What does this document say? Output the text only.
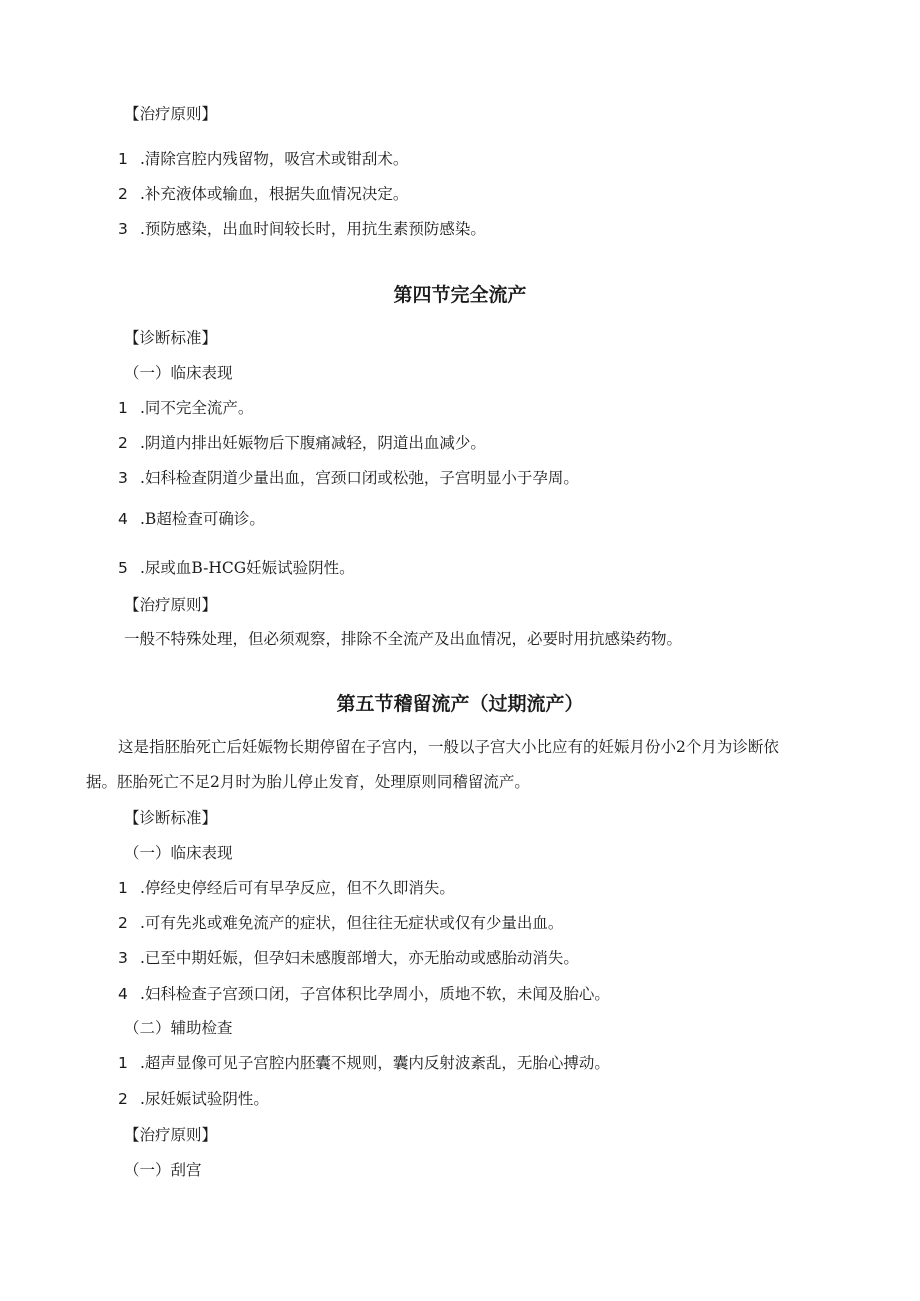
【治疗原则】
1 .清除宫腔内残留物，吸宫术或钳刮术。
2 .补充液体或输血，根据失血情况决定。
3 .预防感染，出血时间较长时，用抗生素预防感染。
第四节完全流产
【诊断标准】
（一）临床表现
1 .同不完全流产。
2 .阴道内排出妊娠物后下腹痛减轻，阴道出血减少。
3 .妇科检查阴道少量出血，宫颈口闭或松弛，子宫明显小于孕周。
4 .B超检查可确诊。
5 .尿或血B-HCG妊娠试验阴性。
【治疗原则】
一般不特殊处理，但必须观察，排除不全流产及出血情况，必要时用抗感染药物。
第五节稽留流产（过期流产）
这是指胚胎死亡后妊娠物长期停留在子宫内，一般以子宫大小比应有的妊娠月份小2个月为诊断依
据。胚胎死亡不足2月时为胎儿停止发育，处理原则同稽留流产。
【诊断标准】
（一）临床表现
1 .停经史停经后可有早孕反应，但不久即消失。
2 .可有先兆或难免流产的症状，但往往无症状或仅有少量出血。
3 .已至中期妊娠，但孕妇未感腹部增大，亦无胎动或感胎动消失。
4 .妇科检查子宫颈口闭，子宫体积比孕周小，质地不软，未闻及胎心。
（二）辅助检查
1 .超声显像可见子宫腔内胚囊不规则，囊内反射波紊乱，无胎心搏动。
2 .尿妊娠试验阴性。
【治疗原则】
（一）刮宫
